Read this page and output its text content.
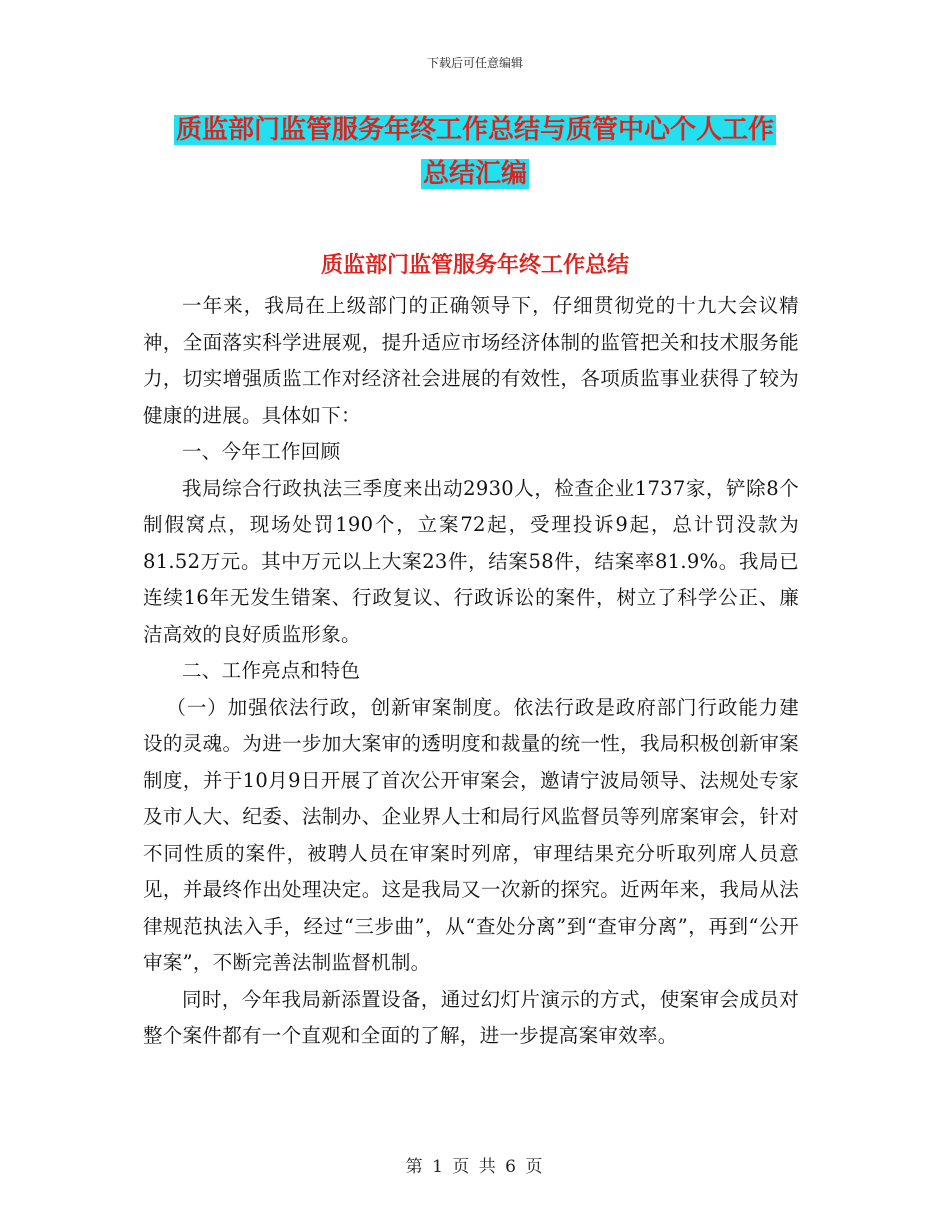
下载后可任意编辑
质监部门监管服务年终工作总结与质管中心个人工作
总结汇编
质监部门监管服务年终工作总结

一年来，我局在上级部门的正确领导下，仔细贯彻党的十九大会议精神，全面落实科学进展观，提升适应市场经济体制的监管把关和技术服务能力，切实增强质监工作对经济社会进展的有效性，各项质监事业获得了较为健康的进展。具体如下：

一、今年工作回顾

我局综合行政执法三季度来出动2930人，检查企业1737家，铲除8个制假窝点，现场处罚190个，立案72起，受理投诉9起，总计罚没款为81.52万元。其中万元以上大案23件，结案58件，结案率81.9%。我局已连续16年无发生错案、行政复议、行政诉讼的案件，树立了科学公正、廉洁高效的良好质监形象。

二、工作亮点和特色

（一）加强依法行政，创新审案制度。依法行政是政府部门行政能力建设的灵魂。为进一步加大案审的透明度和裁量的统一性，我局积极创新审案制度，并于10月9日开展了首次公开审案会，邀请宁波局领导、法规处专家及市人大、纪委、法制办、企业界人士和局行风监督员等列席案审会，针对不同性质的案件，被聘人员在审案时列席，审理结果充分听取列席人员意见，并最终作出处理决定。这是我局又一次新的探究。近两年来，我局从法律规范执法入手，经过“三步曲”，从“查处分离”到“查审分离”，再到“公开审案”，不断完善法制监督机制。

同时，今年我局新添置设备，通过幻灯片演示的方式，使案审会成员对整个案件都有一个直观和全面的了解，进一步提高案审效率。

第 1 页 共 6 页
